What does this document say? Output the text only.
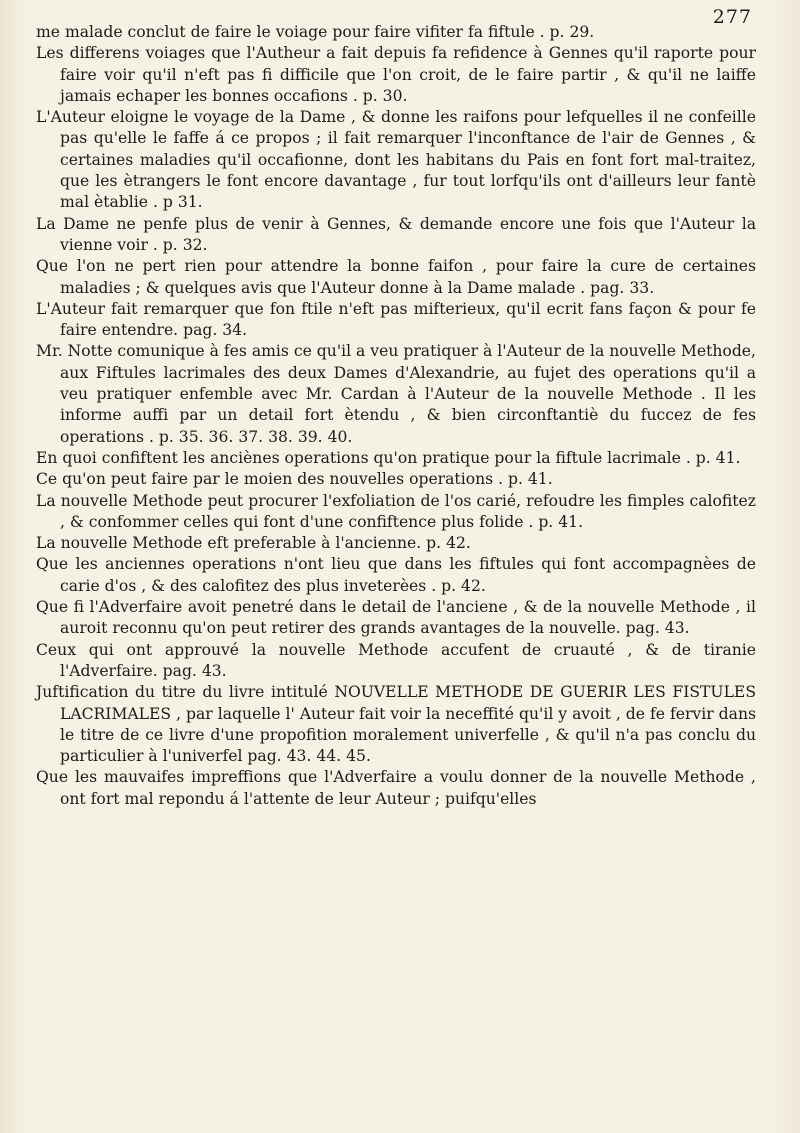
277

me malade conclut de faire le voiage pour faire vifiter fa fiftule . p. 29.

Les differens voiages que l'Autheur a fait depuis fa refidence à Gennes qu'il raporte pour faire voir qu'il n'eft pas fi difficile que l'on croit, de le faire partir , & qu'il ne laiffe jamais echaper les bonnes occafions . p. 30.

L'Auteur eloigne le voyage de la Dame , & donne les raifons pour lefquelles il ne confeille pas qu'elle le faffe á ce propos ; il fait remarquer l'inconftance de l'air de Gennes , & certaines maladies qu'il occafionne, dont les habitans du Pais en font fort mal-traitez, que les ètrangers le font encore davantage , fur tout lorfqu'ils ont d'ailleurs leur fantè mal ètablie . p 31.

La Dame ne penfe plus de venir à Gennes, & demande encore une fois que l'Auteur la vienne voir . p. 32.

Que l'on ne pert rien pour attendre la bonne faifon , pour faire la cure de certaines maladies ; & quelques avis que l'Auteur donne à la Dame malade . pag. 33.

L'Auteur fait remarquer que fon ftile n'eft pas mifterieux, qu'il ecrit fans façon & pour fe faire entendre. pag. 34.

Mr. Notte comunique à fes amis ce qu'il a veu pratiquer à l'Auteur de la nouvelle Methode, aux Fiftules lacrimales des deux Dames d'Alexandrie, au fujet des operations qu'il a veu pratiquer enfemble avec Mr. Cardan à l'Auteur de la nouvelle Methode . Il les informe auffi par un detail fort ètendu , & bien circonftantiè du fuccez de fes operations . p. 35. 36. 37. 38. 39. 40.

En quoi confiftent les anciènes operations qu'on pratique pour la fiftule lacrimale . p. 41.

Ce qu'on peut faire par le moien des nouvelles operations . p. 41.

La nouvelle Methode peut procurer l'exfoliation de l'os carié, refoudre les fimples calofitez , & confommer celles qui font d'une confiftence plus folide . p. 41.

La nouvelle Methode eft preferable à l'ancienne. p. 42.

Que les anciennes operations n'ont lieu que dans les fiftules qui font accompagnèes de carie d'os , & des calofitez des plus inveterèes . p. 42.

Que fi l'Adverfaire avoit penetré dans le detail de l'anciene , & de la nouvelle Methode , il auroit reconnu qu'on peut retirer des grands avantages de la nouvelle. pag. 43.

Ceux qui ont approuvé la nouvelle Methode accufent de cruauté , & de tiranie l'Adverfaire. pag. 43.

Juftification du titre du livre intitulé NOUVELLE METHODE DE GUERIR LES FISTULES LACRIMALES , par laquelle l' Auteur fait voir la neceffité qu'il y avoit , de fe fervir dans le titre de ce livre d'une propofition moralement univerfelle , & qu'il n'a pas conclu du particulier à l'univerfel pag. 43. 44. 45.

Que les mauvaifes impreffions que l'Adverfaire a voulu donner de la nouvelle Methode , ont fort mal repondu á l'attente de leur Auteur ; puifqu'elles
